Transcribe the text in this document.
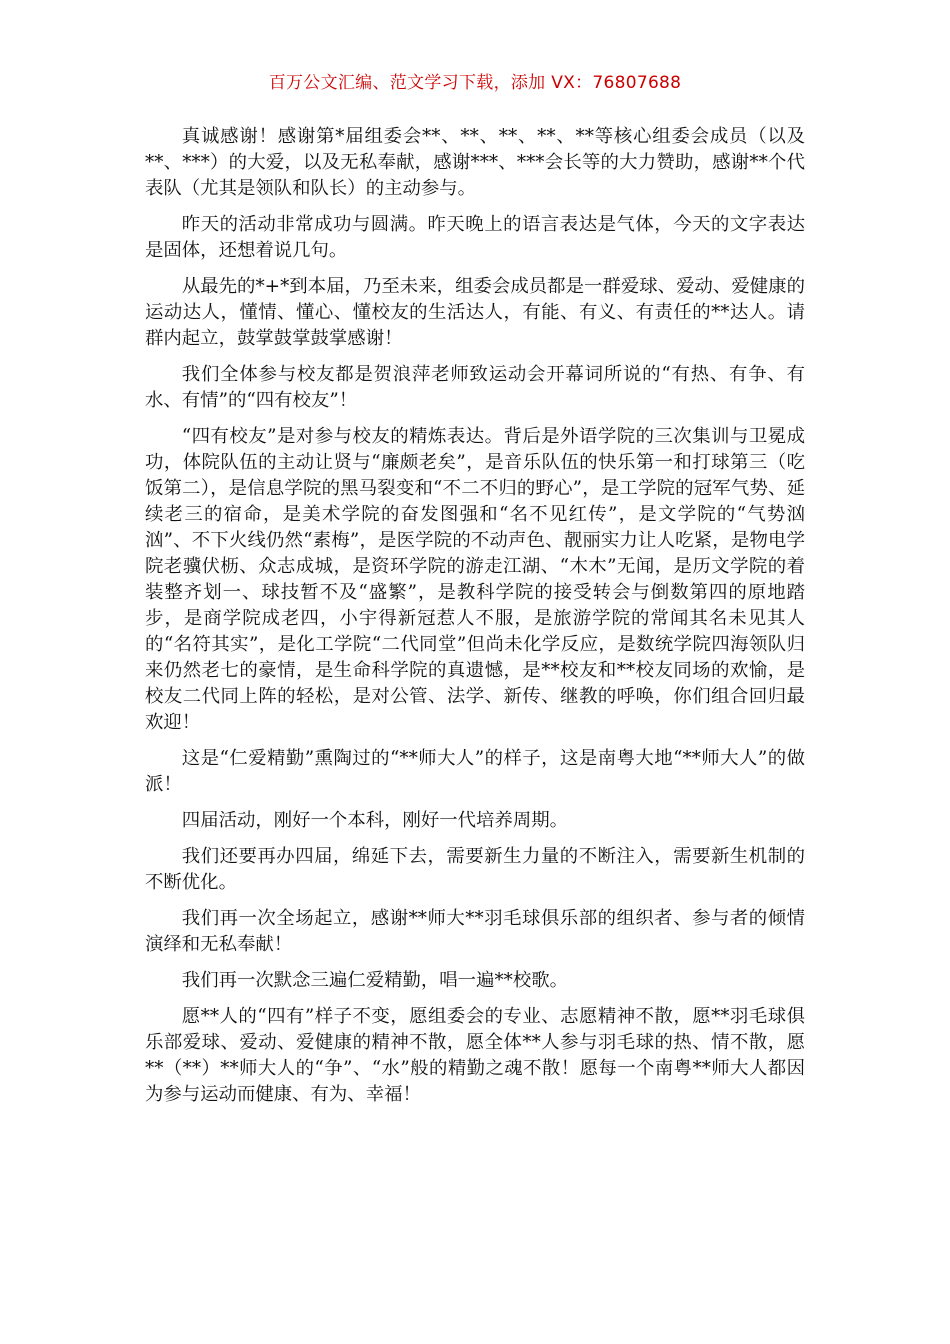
百万公文汇编、范文学习下载，添加 VX：76807688

真诚感谢！感谢第*届组委会**、**、**、**、**等核心组委会成员（以及**、***）的大爱，以及无私奉献，感谢***、***会长等的大力赞助，感谢**个代表队（尤其是领队和队长）的主动参与。

昨天的活动非常成功与圆满。昨天晚上的语言表达是气体，今天的文字表达是固体，还想着说几句。

从最先的*+*到本届，乃至未来，组委会成员都是一群爱球、爱动、爱健康的运动达人，懂情、懂心、懂校友的生活达人，有能、有义、有责任的**达人。请群内起立，鼓掌鼓掌鼓掌感谢！

我们全体参与校友都是贺浪萍老师致运动会开幕词所说的“有热、有争、有水、有情”的“四有校友”！

“四有校友”是对参与校友的精炼表达。背后是外语学院的三次集训与卫冕成功，体院队伍的主动让贤与“廉颇老矣”，是音乐队伍的快乐第一和打球第三（吃饭第二），是信息学院的黑马裂变和“不二不归的野心”，是工学院的冠军气势、延续老三的宿命，是美术学院的奋发图强和“名不见红传”，是文学院的“气势汹汹”、不下火线仍然“素梅”，是医学院的不动声色、靓丽实力让人吃紧，是物电学院老骥伏枥、众志成城，是资环学院的游走江湖、“木木”无闻，是历文学院的着装整齐划一、球技暂不及“盛繁”，是教科学院的接受转会与倒数第四的原地踏步，是商学院成老四，小宇得新冠惹人不服，是旅游学院的常闻其名未见其人的“名符其实”，是化工学院“二代同堂”但尚未化学反应，是数统学院四海领队归来仍然老七的豪情，是生命科学院的真遗憾，是**校友和**校友同场的欢愉，是校友二代同上阵的轻松，是对公管、法学、新传、继教的呼唤，你们组合回归最欢迎！

这是“仁爱精勤”熏陶过的“**师大人”的样子，这是南粤大地“**师大人”的做派！

四届活动，刚好一个本科，刚好一代培养周期。

我们还要再办四届，绵延下去，需要新生力量的不断注入，需要新生机制的不断优化。

我们再一次全场起立，感谢**师大**羽毛球俱乐部的组织者、参与者的倾情演绎和无私奉献！

我们再一次默念三遍仁爱精勤，唱一遍**校歌。

愿**人的“四有”样子不变，愿组委会的专业、志愿精神不散，愿**羽毛球俱乐部爱球、爱动、爱健康的精神不散，愿全体**人参与羽毛球的热、情不散，愿**（**）**师大人的“争”、“水”般的精勤之魂不散！愿每一个南粤**师大人都因为参与运动而健康、有为、幸福！
